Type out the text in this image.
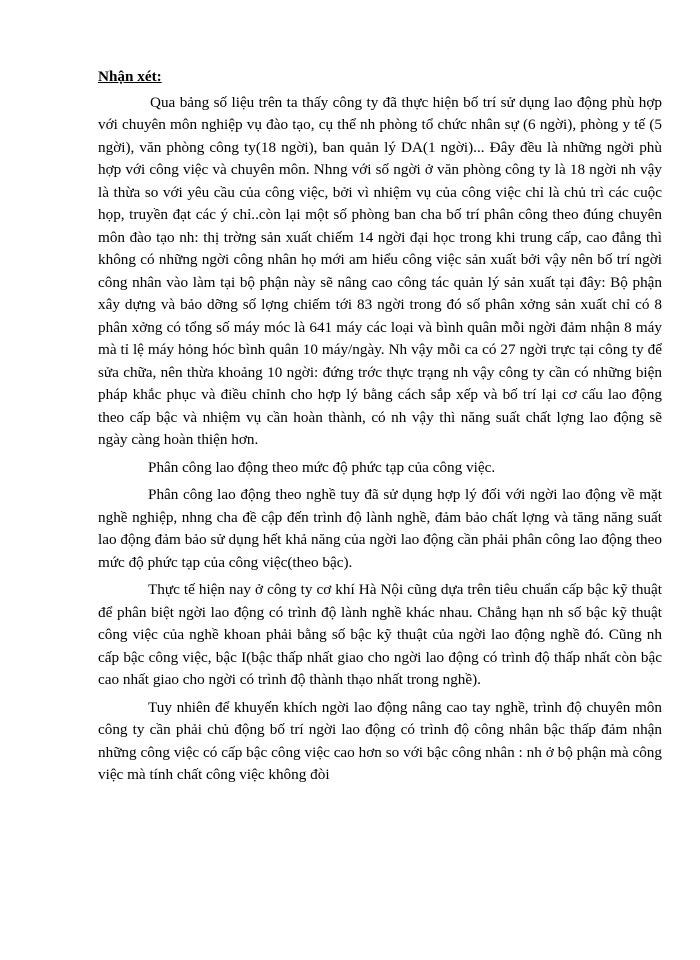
Nhận xét:

Qua bảng số liệu trên ta thấy công ty đã thực hiện bố trí sử dụng lao động phù hợp với chuyên môn nghiệp vụ đào tạo, cụ thể nh phòng tổ chức nhân sự (6 ngời), phòng y tế (5 ngời), văn phòng công ty(18 ngời), ban quản lý DA(1 ngời)... Đây đều là những ngời phù hợp với công việc và chuyên môn. Nhng với số ngời ở văn phòng công ty là 18 ngời nh vậy là thừa so với yêu cầu của công việc, bởi vì nhiệm vụ của công việc chỉ là chủ trì các cuộc họp, truyền đạt các ý chỉ..còn lại một số phòng ban cha bố trí phân công theo đúng chuyên môn đào tạo nh: thị trờng sản xuất chiếm 14 ngời đại học trong khi trung cấp, cao đẳng thì không có những ngời công nhân họ mới am hiểu công việc sản xuất bởi vậy nên bố trí ngời công nhân vào làm tại bộ phận này sẽ nâng cao công tác quản lý sản xuất tại đây: Bộ phận xây dựng và bảo dỡng số lợng chiếm tới 83 ngời trong đó số phân xởng sản xuất chỉ có 8 phân xởng có tổng số máy móc là 641 máy các loại và bình quân mỗi ngời đảm nhận 8 máy mà tỉ lệ máy hỏng hóc bình quân 10 máy/ngày. Nh vậy mỗi ca có 27 ngời trực tại công ty để sửa chữa, nên thừa khoảng 10 ngời: đứng trớc thực trạng nh vậy công ty cần có những biện pháp khắc phục và điều chỉnh cho hợp lý bằng cách sắp xếp và bố trí lại cơ cấu lao động theo cấp bậc và nhiệm vụ cần hoàn thành, có nh vậy thì năng suất chất lợng lao động sẽ ngày càng hoàn thiện hơn.

Phân công lao động theo mức độ phức tạp của công việc.

Phân công lao động theo nghề tuy đã sử dụng hợp lý đối với ngời lao động về mặt nghề nghiệp, nhng cha đề cập đến trình độ lành nghề, đảm bảo chất lợng và tăng năng suất lao động đảm bảo sử dụng hết khả năng của ngời lao động cần phải phân công lao động theo mức độ phức tạp của công việc(theo bậc).

Thực tế hiện nay ở công ty cơ khí Hà Nội cũng dựa trên tiêu chuẩn cấp bậc kỹ thuật để phân biệt ngời lao động có trình độ lành nghề khác nhau. Chẳng hạn nh số bậc kỹ thuật công việc của nghề khoan phải bằng số bậc kỹ thuật của ngời lao động nghề đó. Cũng nh cấp bậc công việc, bậc I(bậc thấp nhất giao cho ngời lao động có trình độ thấp nhất còn bậc cao nhất giao cho ngời có trình độ thành thạo nhất trong nghề).

Tuy nhiên để khuyến khích ngời lao động nâng cao tay nghề, trình độ chuyên môn công ty cần phải chủ động bố trí ngời lao động có trình độ công nhân bậc thấp đảm nhận những công việc có cấp bậc công việc cao hơn so với bậc công nhân : nh ở bộ phận mà công việc mà tính chất công việc không đòi
